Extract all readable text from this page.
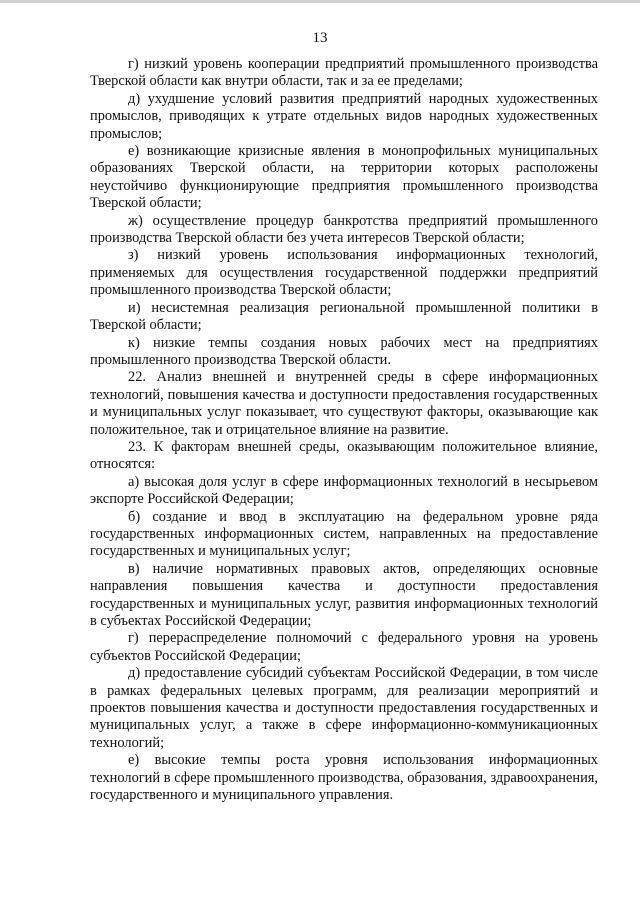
13

г) низкий уровень кооперации предприятий промышленного производства Тверской области как внутри области, так и за ее пределами;

д) ухудшение условий развития предприятий народных художественных промыслов, приводящих к утрате отдельных видов народных художественных промыслов;

е) возникающие кризисные явления в монопрофильных муниципальных образованиях Тверской области, на территории которых расположены неустойчиво функционирующие предприятия промышленного производства Тверской области;

ж) осуществление процедур банкротства предприятий промышленного производства Тверской области без учета интересов Тверской области;

з) низкий уровень использования информационных технологий, применяемых для осуществления государственной поддержки предприятий промышленного производства Тверской области;

и) несистемная реализация региональной промышленной политики в Тверской области;

к) низкие темпы создания новых рабочих мест на предприятиях промышленного производства Тверской области.

22. Анализ внешней и внутренней среды в сфере информационных технологий, повышения качества и доступности предоставления государственных и муниципальных услуг показывает, что существуют факторы, оказывающие как положительное, так и отрицательное влияние на развитие.

23. К факторам внешней среды, оказывающим положительное влияние, относятся:

а) высокая доля услуг в сфере информационных технологий в несырьевом экспорте Российской Федерации;

б) создание и ввод в эксплуатацию на федеральном уровне ряда государственных информационных систем, направленных на предоставление государственных и муниципальных услуг;

в) наличие нормативных правовых актов, определяющих основные направления повышения качества и доступности предоставления государственных и муниципальных услуг, развития информационных технологий в субъектах Российской Федерации;

г) перераспределение полномочий с федерального уровня на уровень субъектов Российской Федерации;

д) предоставление субсидий субъектам Российской Федерации, в том числе в рамках федеральных целевых программ, для реализации мероприятий и проектов повышения качества и доступности предоставления государственных и муниципальных услуг, а также в сфере информационно-коммуникационных технологий;

е) высокие темпы роста уровня использования информационных технологий в сфере промышленного производства, образования, здравоохранения, государственного и муниципального управления.
